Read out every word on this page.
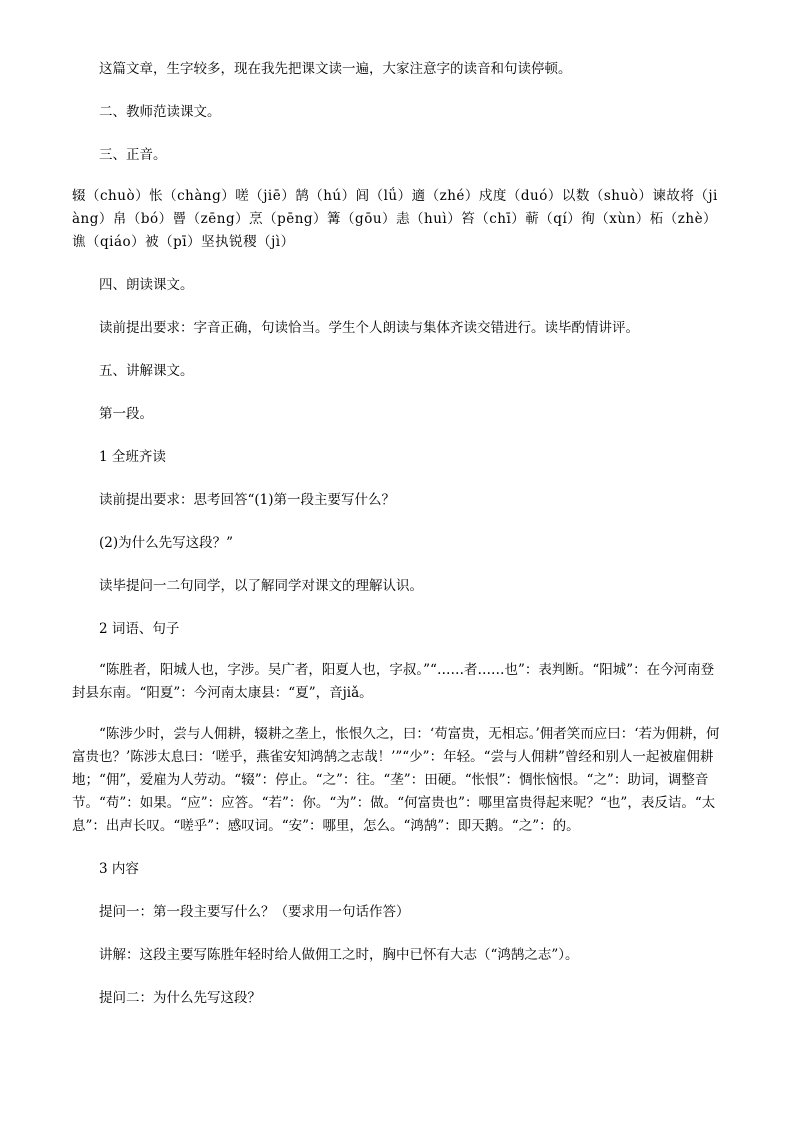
这篇文章，生字较多，现在我先把课文读一遍，大家注意字的读音和句读停顿。

二、教师范读课文。

三、正音。

辍（chuò）怅（chàng）嗟（jiē）鹄（hú）闾（lǘ）適（zhé）戍度（duó）以数（shuò）谏故将（jiàng）帛（bó）罾（zēng）烹（pēng）篝（gōu）恚（huì）笞（chī）蕲（qí）徇（xùn）柘（zhè）谯（qiáo）被（pī）坚执锐稷（jì）

四、朗读课文。

读前提出要求：字音正确，句读恰当。学生个人朗读与集体齐读交错进行。读毕酌情讲评。

五、讲解课文。

第一段。

1 全班齐读

读前提出要求：思考回答“(1)第一段主要写什么？

(2)为什么先写这段？”

读毕提问一二句同学，以了解同学对课文的理解认识。

2 词语、句子

“陈胜者，阳城人也，字涉。吴广者，阳夏人也，字叔。”“……者……也”：表判断。“阳城”：在今河南登封县东南。“阳夏”：今河南太康县：“夏”，音jiǎ。

“陈涉少时，尝与人佣耕，辍耕之垄上，怅恨久之，曰：‘苟富贵，无相忘。’佣者笑而应曰：‘若为佣耕，何富贵也？’陈涉太息曰：‘嗟乎，燕雀安知鸿鹄之志哉！’”“少”：年轻。“尝与人佣耕”曾经和别人一起被雇佣耕地；“佣”，爱雇为人劳动。“辍”：停止。“之”：往。“垄”：田硬。“怅恨”：惆怅恼恨。“之”：助词，调整音节。“苟”：如果。“应”：应答。“若”：你。“为”：做。“何富贵也”：哪里富贵得起来呢？“也”，表反诘。“太息”：出声长叹。“嗟乎”：感叹词。“安”：哪里，怎么。“鸿鹄”：即天鹅。“之”：的。

3 内容

提问一：第一段主要写什么？（要求用一句话作答）

讲解：这段主要写陈胜年轻时给人做佣工之时，胸中已怀有大志（“鸿鹄之志”）。

提问二：为什么先写这段？
